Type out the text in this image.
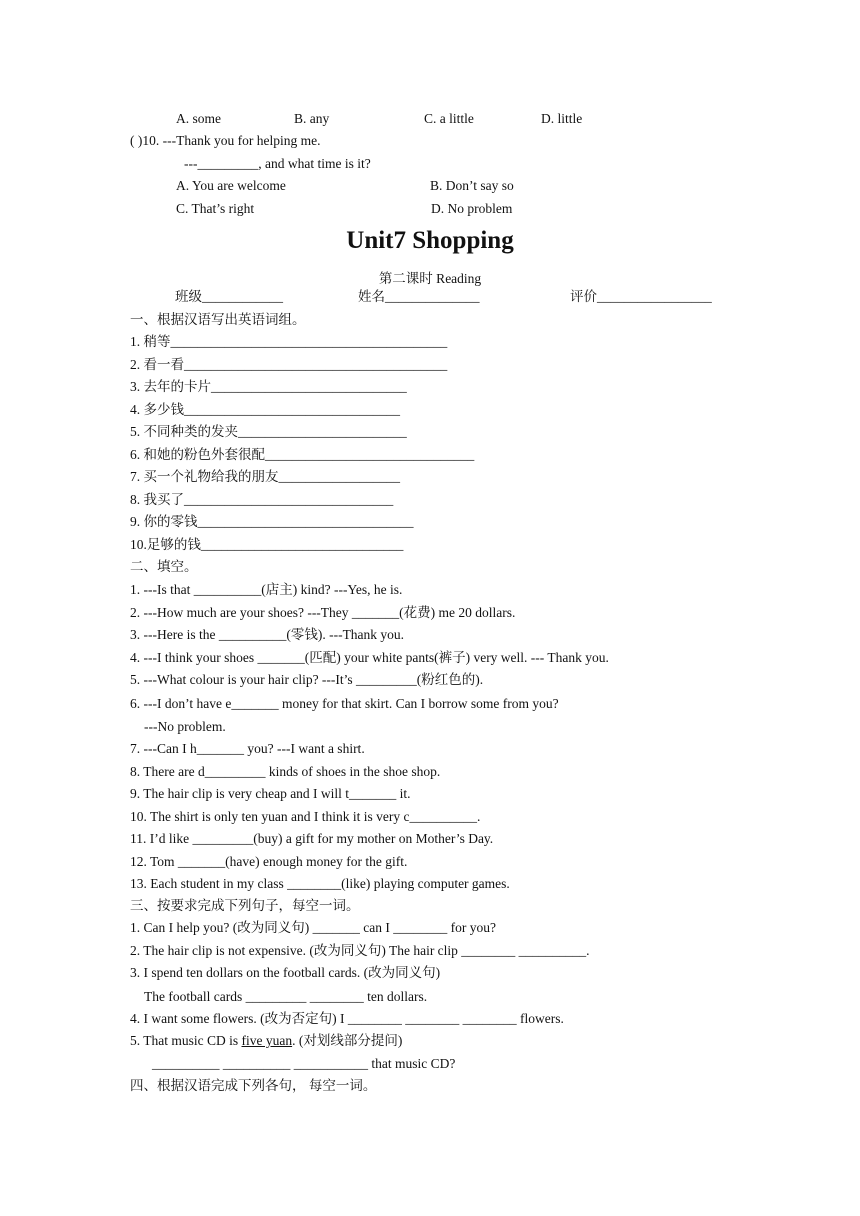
A. some	B. any	C. a little	D. little
( )10. ---Thank you for helping me.
---_________, and what time is it?
A. You are welcome	B. Don’t say so
C. That’s right	D. No problem
Unit7 Shopping
第二课时 Reading
班级____________	姓名______________	评价_________________
一、根据汉语写出英语词组。
1. 稍等_________________________________________
2. 看一看_______________________________________
3. 去年的卡片_____________________________
4. 多少钱________________________________
5. 不同种类的发夹_________________________
6. 和她的粉色外套很配_______________________________
7. 买一个礼物给我的朋友__________________
8. 我买了_______________________________
9. 你的零钱________________________________
10.足够的钱______________________________
二、填空。
1. ---Is that __________(店主) kind? ---Yes, he is.
2. ---How much are your shoes? ---They _______(花费) me 20 dollars.
3. ---Here is the __________(零钱). ---Thank you.
4. ---I think your shoes _______(匹配) your white pants(裤子) very well. --- Thank you.
5. ---What colour is your hair clip? ---It’s _________(粉红色的).
6. ---I don’t have e_______ money for that skirt. Can I borrow some from you?
---No problem.
7. ---Can I h_______ you? ---I want a shirt.
8. There are d_________ kinds of shoes in the shoe shop.
9. The hair clip is very cheap and I will t_______ it.
10. The shirt is only ten yuan and I think it is very c__________.
11. I’d like _________(buy) a gift for my mother on Mother’s Day.
12. Tom _______(have) enough money for the gift.
13. Each student in my class ________(like) playing computer games.
三、按要求完成下列句子，每空一词。
1. Can I help you? (改为同义句) _______ can I ________ for you?
2. The hair clip is not expensive. (改为同义句) The hair clip ________ __________.
3. I spend ten dollars on the football cards. (改为同义句)
The football cards _________ ________ ten dollars.
4. I want some flowers. (改为否定句) I ________ ________ ________ flowers.
5. That music CD is five yuan. (对划线部分提问)
__________ __________ ___________ that music CD?
四、根据汉语完成下列各句， 每空一词。
